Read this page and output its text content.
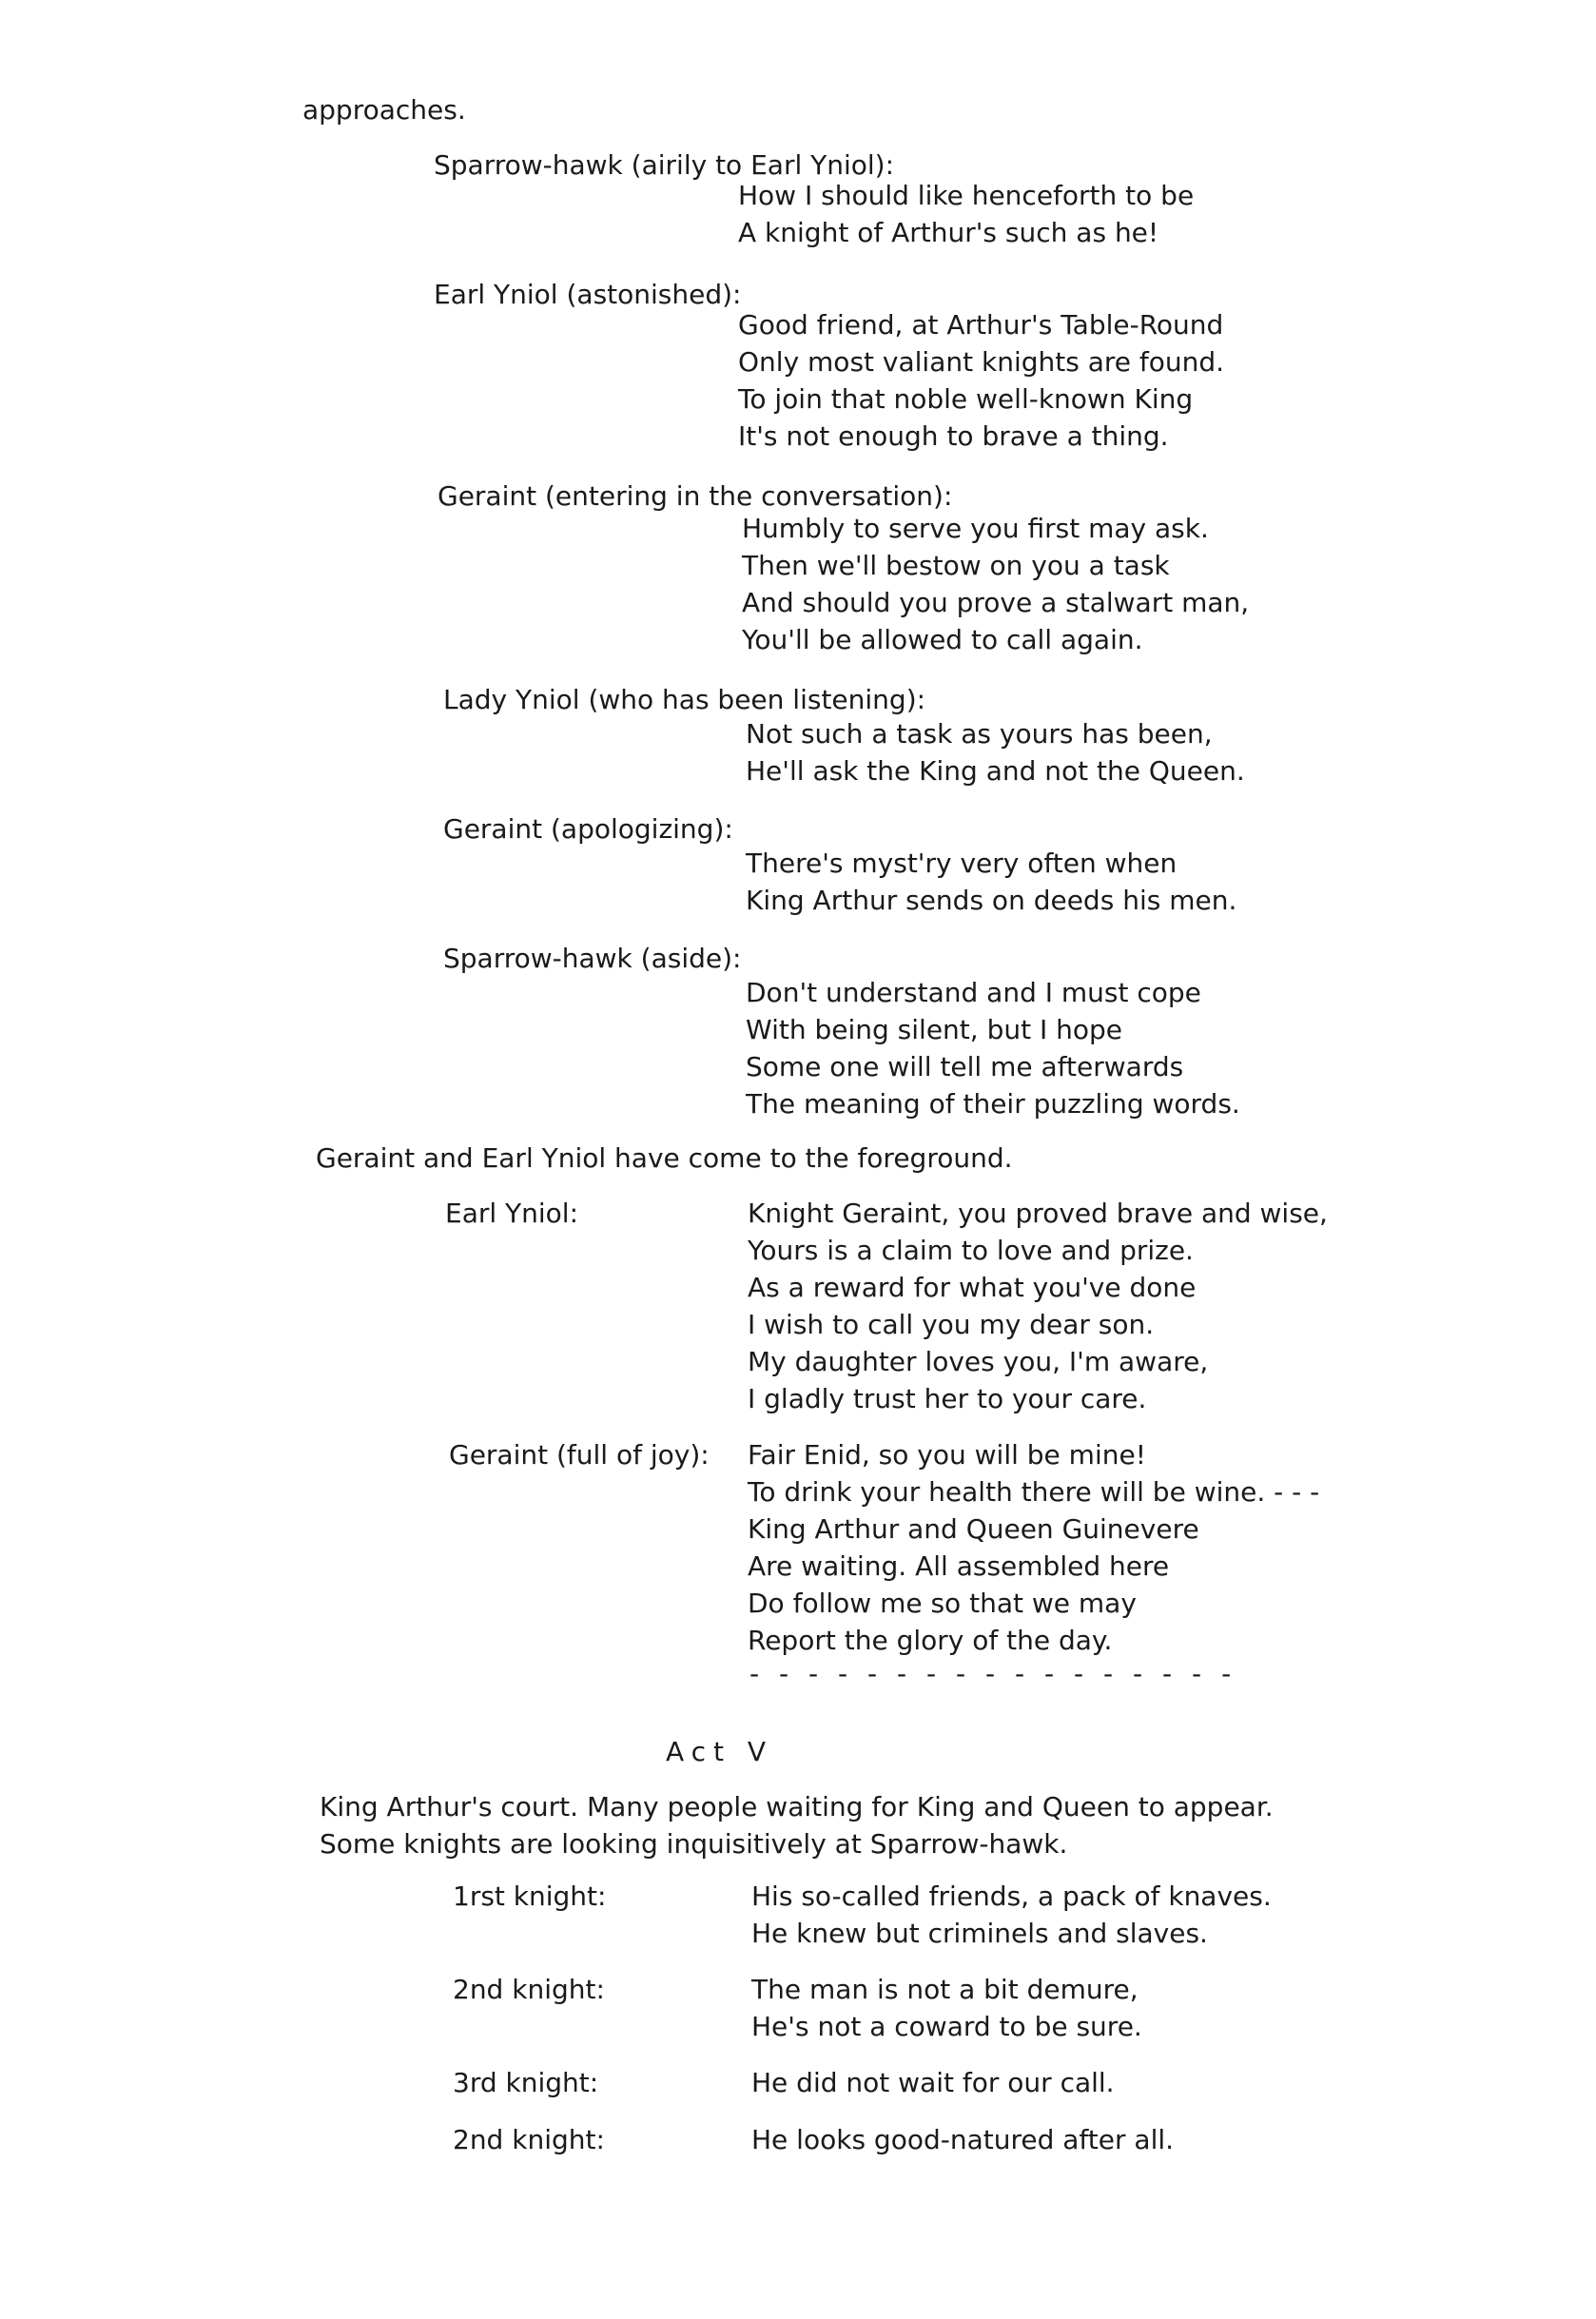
approaches.
Sparrow-hawk (airily to Earl Yniol):
How I should like henceforth to be
A knight of Arthur's such as he!
Earl Yniol (astonished):
Good friend, at Arthur's Table-Round
Only most valiant knights are found.
To join that noble well-known King
It's not enough to brave a thing.
Geraint (entering in the conversation):
Humbly to serve you first may ask.
Then we'll bestow on you a task
And should you prove a stalwart man,
You'll be allowed to call again.
Lady Yniol (who has been listening):
Not such a task as yours has been,
He'll ask the King and not the Queen.
Geraint (apologizing):
There's myst'ry very often when
King Arthur sends on deeds his men.
Sparrow-hawk (aside):
Don't understand and I must cope
With being silent, but I hope
Some one will tell me afterwards
The meaning of their puzzling words.
Geraint and Earl Yniol have come to the foreground.
Earl Yniol:	Knight Geraint, you proved brave and wise,
Yours is a claim to love and prize.
As a reward for what you've done
I wish to call you my dear son.
My daughter loves you, I'm aware,
I gladly trust her to your care.
Geraint (full of joy): Fair Enid, so you will be mine!
To drink your health there will be wine. - - -
King Arthur and Queen Guinevere
Are waiting. All assembled here
Do follow me so that we may
Report the glory of the day.
- - - - - - - - - - - - - - - - -
Act V
King Arthur's court. Many people waiting for King and Queen to appear.
Some knights are looking inquisitively at Sparrow-hawk.
1rst knight:	His so-called friends, a pack of knaves.
He knew but criminels and slaves.
2nd knight:	The man is not a bit demure,
He's not a coward to be sure.
3rd knight:	He did not wait for our call.
2nd knight:	He looks good-natured after all.
